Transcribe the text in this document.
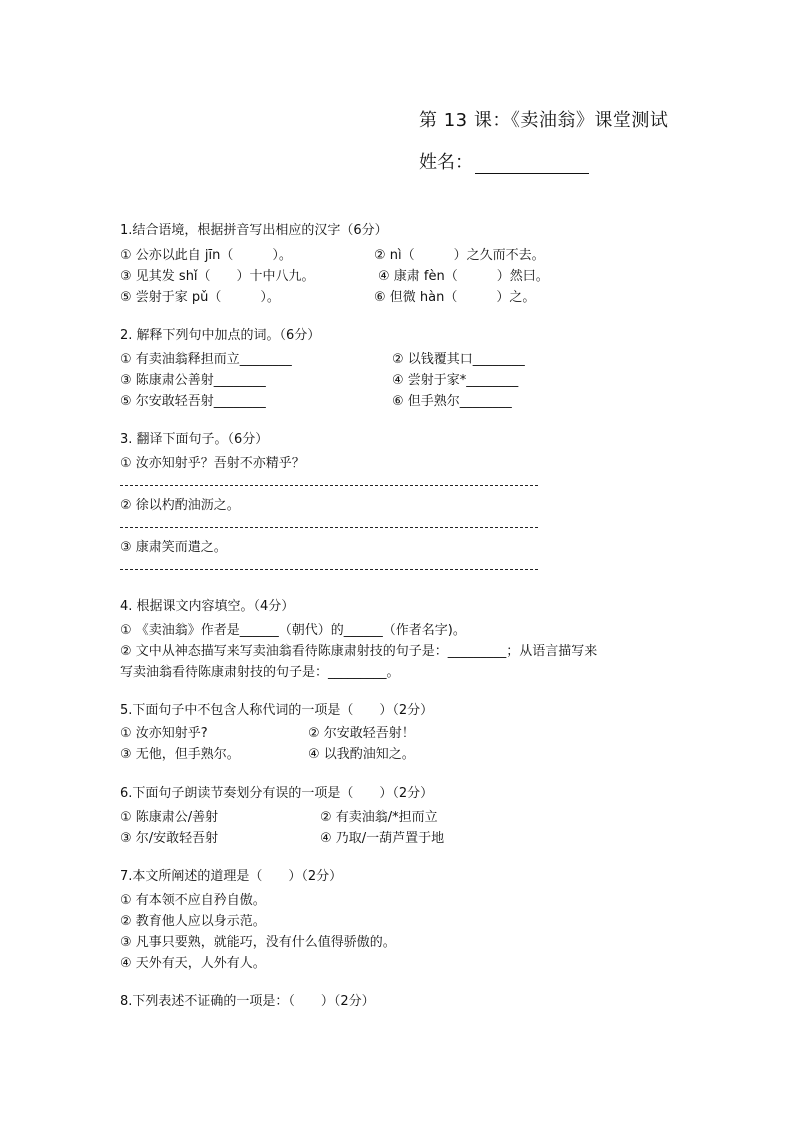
第 13 课：《卖油翁》课堂测试
姓名：
1.结合语境，根据拼音写出相应的汉字（6分）
① 公亦以此自 jīn（　　　）。	② nì（　　　）之久而不去。
③ 见其发 shǐ（　　）十中八九。	④ 康肃 fèn（　　　）然曰。
⑤ 尝射于家 pǔ（　　　）。	⑥ 但微 hàn（　　　）之。
2. 解释下列句中加点的词。（6分）
① 有卖油翁释担而立________	② 以钱覆其口________
③ 陈康肃公善射________	④ 尝射于家*________
⑤ 尔安敢轻吾射________	⑥ 但手熟尔________
3. 翻译下面句子。（6分）
① 汝亦知射乎？吾射不亦精乎？
② 徐以杓酌油沥之。
③ 康肃笑而遣之。
4. 根据课文内容填空。（4分）
① 《卖油翁》作者是______（朝代）的______（作者名字)。
② 文中从神态描写来写卖油翁看待陈康肃射技的句子是：_________；从语言描写来
写卖油翁看待陈康肃射技的句子是：_________。
5.下面句子中不包含人称代词的一项是（　　）（2分）
① 汝亦知射乎?	② 尔安敢轻吾射！
③ 无他，但手熟尔。	④ 以我酌油知之。
6.下面句子朗读节奏划分有误的一项是（　　）（2分）
① 陈康肃公/善射	② 有卖油翁/*担而立
③ 尔/安敢轻吾射	④ 乃取/一葫芦置于地
7.本文所阐述的道理是（　　）（2分）
① 有本领不应自矜自傲。
② 教育他人应以身示范。
③ 凡事只要熟，就能巧，没有什么值得骄傲的。
④ 天外有天，人外有人。
8.下列表述不证确的一项是：（　　）（2分）
